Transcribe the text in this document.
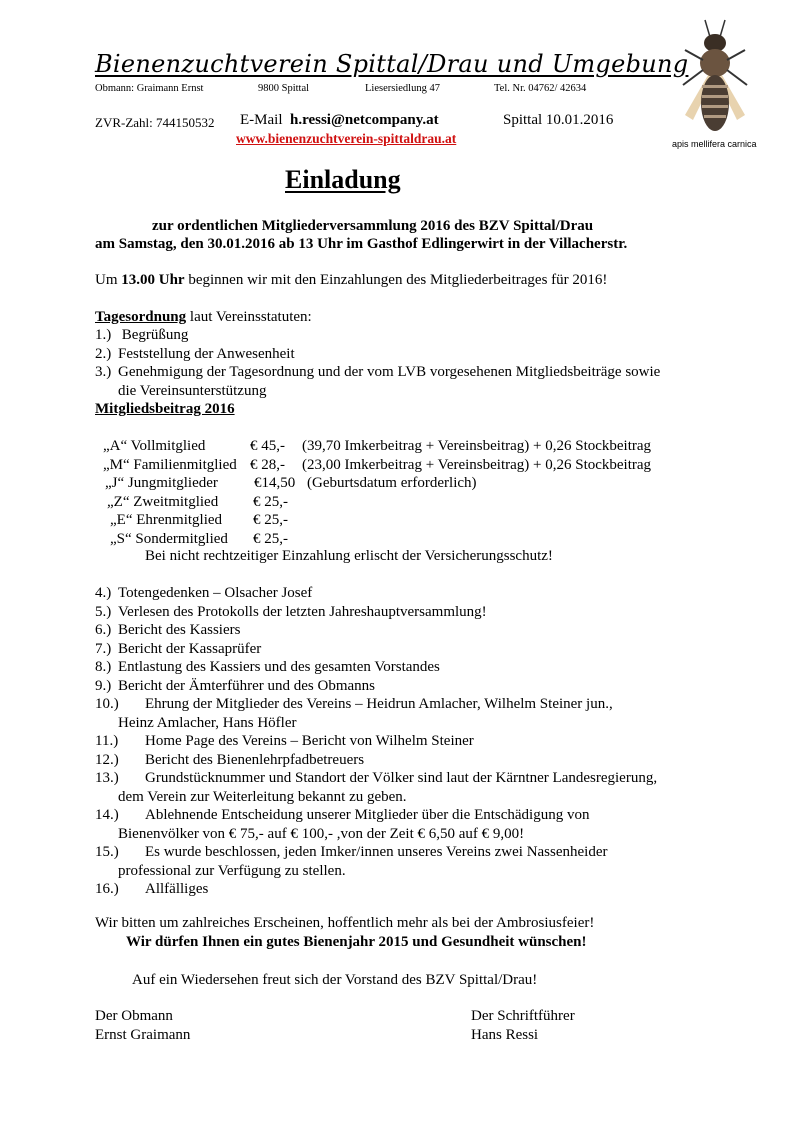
Bienenzuchtverein Spittal/Drau und Umgebung
Obmann: Graimann Ernst	9800 Spittal	Liesersiedlung 47	Tel. Nr. 04762/ 42634
ZVR-Zahl: 744150532 E-Mail h.ressi@netcompany.at	Spittal 10.01.2016
www.bienenzuchtverein-spittaldrau.at	apis mellifera carnica
Einladung
zur ordentlichen Mitgliederversammlung 2016 des BZV Spittal/Drau
am Samstag, den 30.01.2016 ab 13 Uhr im Gasthof Edlingerwirt in der Villacherstr.
Um 13.00 Uhr beginnen wir mit den Einzahlungen des Mitgliederbeitrages für 2016!
Tagesordnung laut Vereinsstatuten:
1.) Begrüßung
2.) Feststellung der Anwesenheit
3.) Genehmigung der Tagesordnung und der vom LVB vorgesehenen Mitgliedsbeiträge sowie
die Vereinsunterstützung
Mitgliedsbeitrag 2016
„A“ Vollmitglied	€ 45,- (39,70 Imkerbeitrag + Vereinsbeitrag) + 0,26 Stockbeitrag
„M“ Familienmitglied € 28,- (23,00 Imkerbeitrag + Vereinsbeitrag) + 0,26 Stockbeitrag
„J“ Jungmitglieder €14,50 (Geburtsdatum erforderlich)
„Z“ Zweitmitglied € 25,-
„E“ Ehrenmitglied € 25,-
„S“ Sondermitglied € 25,-
Bei nicht rechtzeitiger Einzahlung erlischt der Versicherungsschutz!
4.) Totengedenken – Olsacher Josef
5.) Verlesen des Protokolls der letzten Jahreshauptversammlung!
6.) Bericht des Kassiers
7.) Bericht der Kassaprüfer
8.) Entlastung des Kassiers und des gesamten Vorstandes
9.) Bericht der Ämterführer und des Obmanns
10.) Ehrung der Mitglieder des Vereins – Heidrun Amlacher, Wilhelm Steiner jun.,
Heinz Amlacher, Hans Höfler
11.) Home Page des Vereins – Bericht von Wilhelm Steiner
12.) Bericht des Bienenlehrpfadbetreuers
13.) Grundstücknummer und Standort der Völker sind laut der Kärntner Landesregierung,
dem Verein zur Weiterleitung bekannt zu geben.
14.) Ablehnende Entscheidung unserer Mitglieder über die Entschädigung von
Bienenvölker von € 75,- auf € 100,- ,von der Zeit € 6,50 auf € 9,00!
15.) Es wurde beschlossen, jeden Imker/innen unseres Vereins zwei Nassenheider
professional zur Verfügung zu stellen.
16.) Allfälliges
Wir bitten um zahlreiches Erscheinen, hoffentlich mehr als bei der Ambrosiusfeier!
Wir dürfen Ihnen ein gutes Bienenjahr 2015 und Gesundheit wünschen!
Auf ein Wiedersehen freut sich der Vorstand des BZV Spittal/Drau!
Der Obmann
Ernst Graimann
Der Schriftführer
Hans Ressi
